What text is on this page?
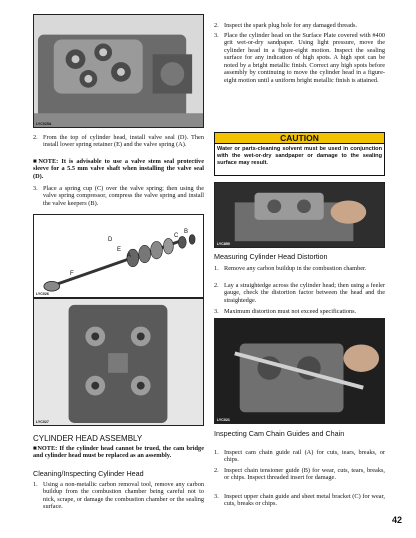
LYC025A
2. From the top of cylinder head, install valve seal (D). Then install lower spring retainer (E) and the valve spring (A).
■NOTE: It is advisable to use a valve stem seal protective sleeve for a 5.5 mm valve shaft when installing the valve seal (D).
3. Place a spring cup (C) over the valve spring; then using the valve spring compressor, compress the valve spring and install the valve keepers (B).
A
B
C
D
E
F
LYC026
LYC027
CYLINDER HEAD ASSEMBLY
■NOTE: If the cylinder head cannot be trued, the cam bridge and cylinder head must be replaced as an assembly.
Cleaning/Inspecting Cylinder Head
1. Using a non-metallic carbon removal tool, remove any carbon buildup from the combustion chamber being careful not to nick, scrape, or damage the combustion chamber or the sealing surface.
2. Inspect the spark plug hole for any damaged threads.
3. Place the cylinder head on the Surface Plate covered with #400 grit wet-or-dry sandpaper. Using light pressure, move the cylinder head in a figure-eight motion. Inspect the sealing surface for any indication of high spots. A high spot can be noted by a bright metallic finish. Correct any high spots before assembly by continuing to move the cylinder head in a figure-eight motion until a uniform bright metallic finish is attained.
CAUTION
Water or parts-cleaning solvent must be used in conjunction with the wet-or-dry sandpaper or damage to the sealing surface may result.
LYC850
Measuring Cylinder Head Distortion
1. Remove any carbon buildup in the combustion chamber.
2. Lay a straightedge across the cylinder head; then using a feeler gauge, check the distortion factor between the head and the straightedge.
3. Maximum distortion must not exceed specifications.
LYC021
Inspecting Cam Chain Guides and Chain
1. Inspect cam chain guide rail (A) for cuts, tears, breaks, or chips.
2. Inspect chain tensioner guide (B) for wear, cuts, tears, breaks, or chips. Inspect threaded insert for damage.
3. Inspect upper chain guide and sheet metal bracket (C) for wear, cuts, breaks or chips.
42
